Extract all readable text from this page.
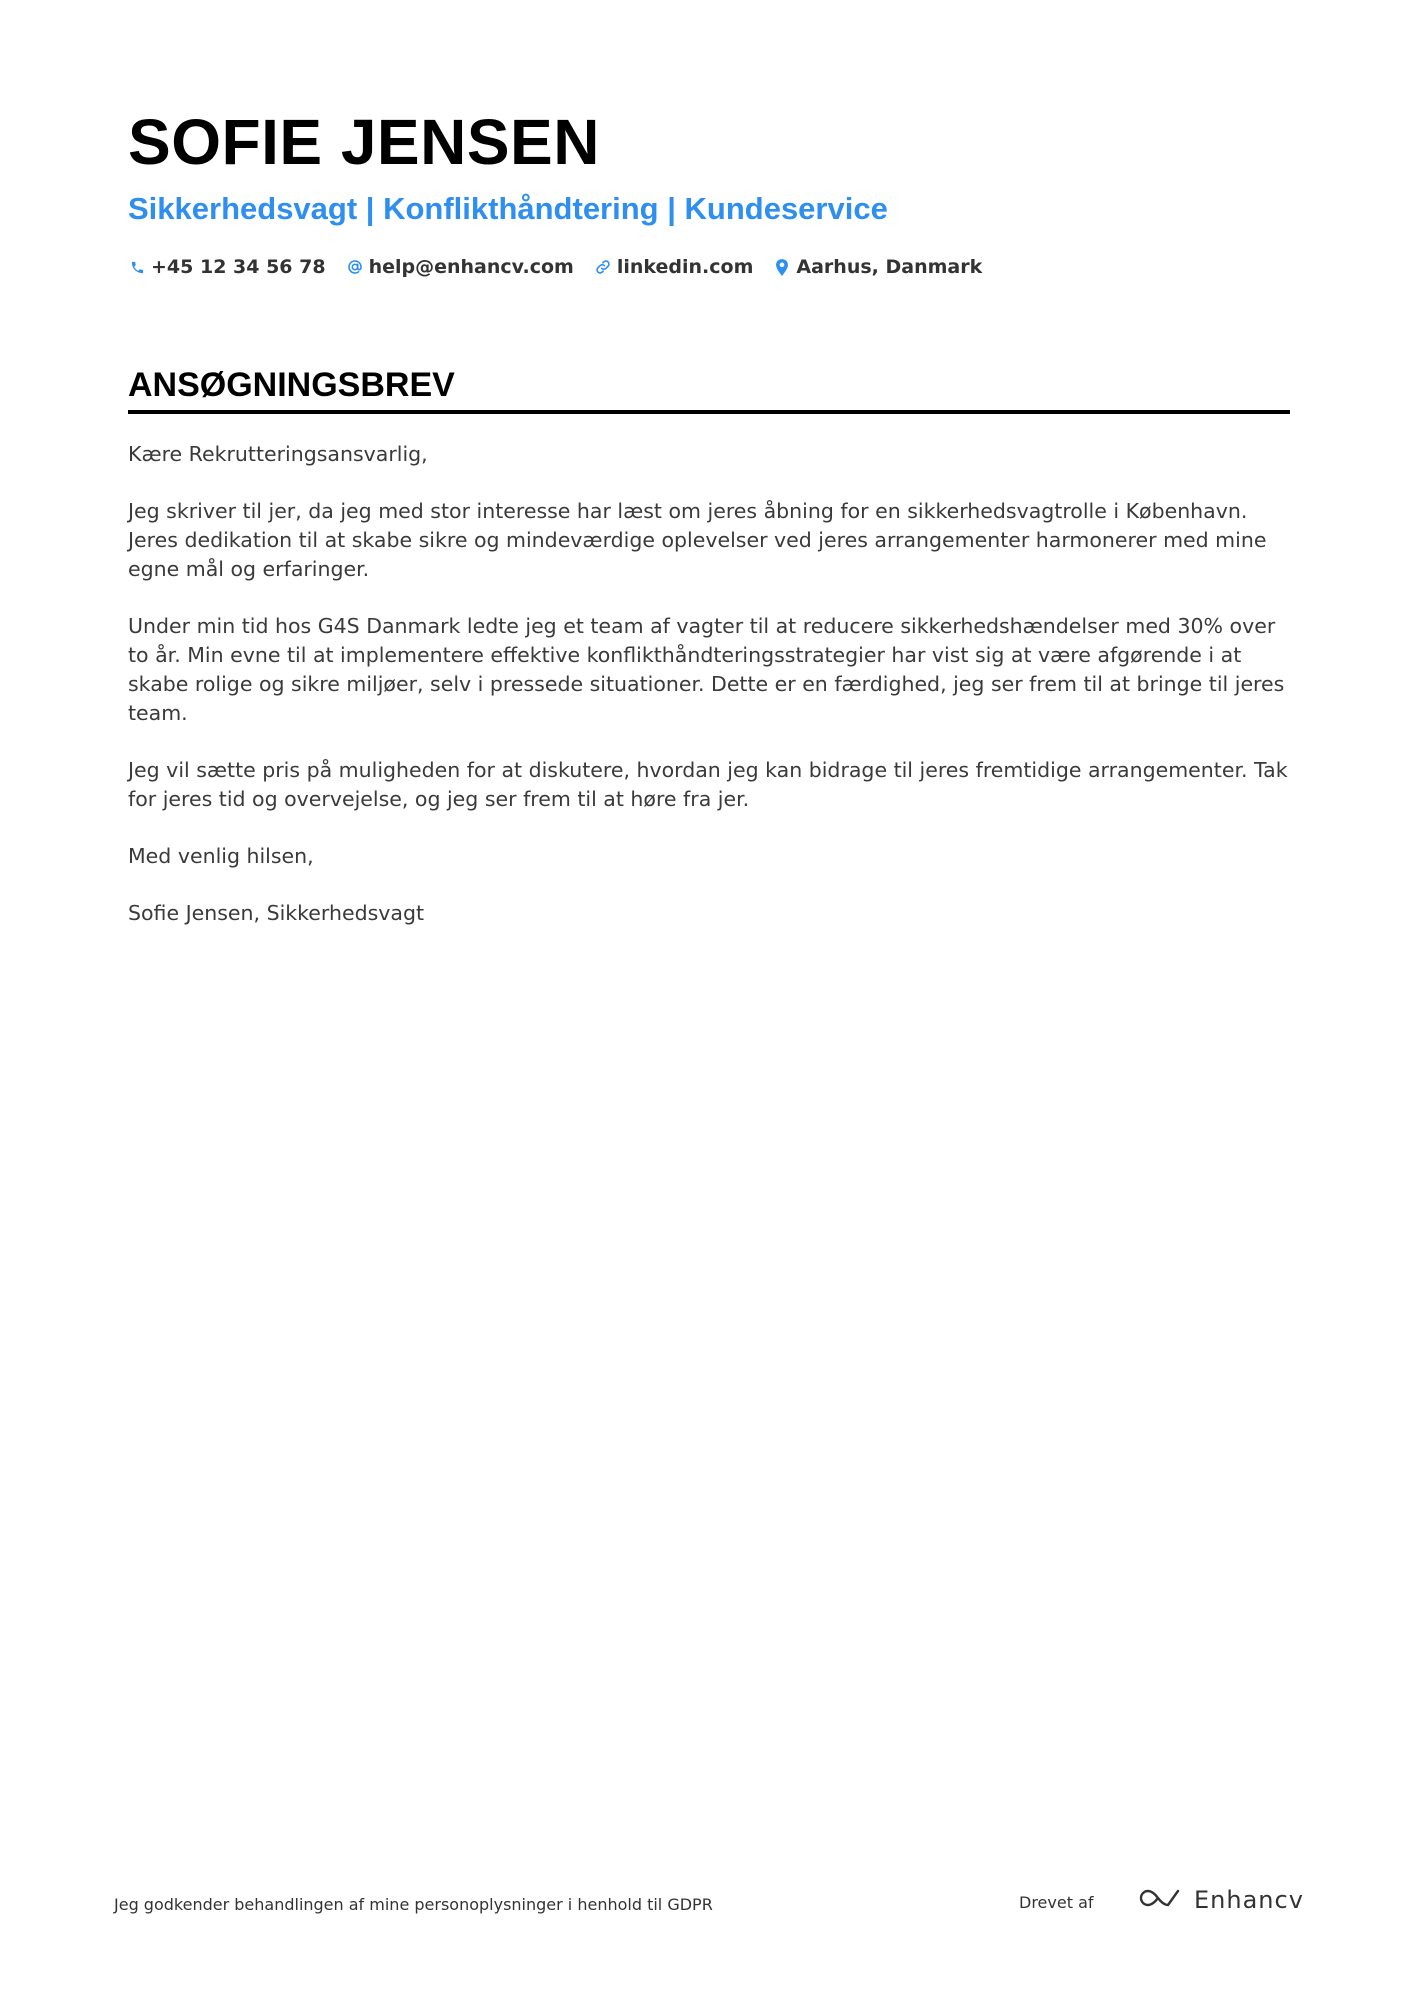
SOFIE JENSEN
Sikkerhedsvagt | Konflikthåndtering | Kundeservice
+45 12 34 56 78 help@enhancv.com linkedin.com Aarhus, Danmark
ANSØGNINGSBREV

Kære Rekrutteringsansvarlig,

Jeg skriver til jer, da jeg med stor interesse har læst om jeres åbning for en sikkerhedsvagtrolle i København. Jeres dedikation til at skabe sikre og mindeværdige oplevelser ved jeres arrangementer harmonerer med mine egne mål og erfaringer.

Under min tid hos G4S Danmark ledte jeg et team af vagter til at reducere sikkerhedshændelser med 30% over to år. Min evne til at implementere effektive konflikthåndteringsstrategier har vist sig at være afgørende i at skabe rolige og sikre miljøer, selv i pressede situationer. Dette er en færdighed, jeg ser frem til at bringe til jeres team.

Jeg vil sætte pris på muligheden for at diskutere, hvordan jeg kan bidrage til jeres fremtidige arrangementer. Tak for jeres tid og overvejelse, og jeg ser frem til at høre fra jer.

Med venlig hilsen,

Sofie Jensen, Sikkerhedsvagt

Jeg godkender behandlingen af mine personoplysninger i henhold til GDPR	Drevet af	Enhancv
